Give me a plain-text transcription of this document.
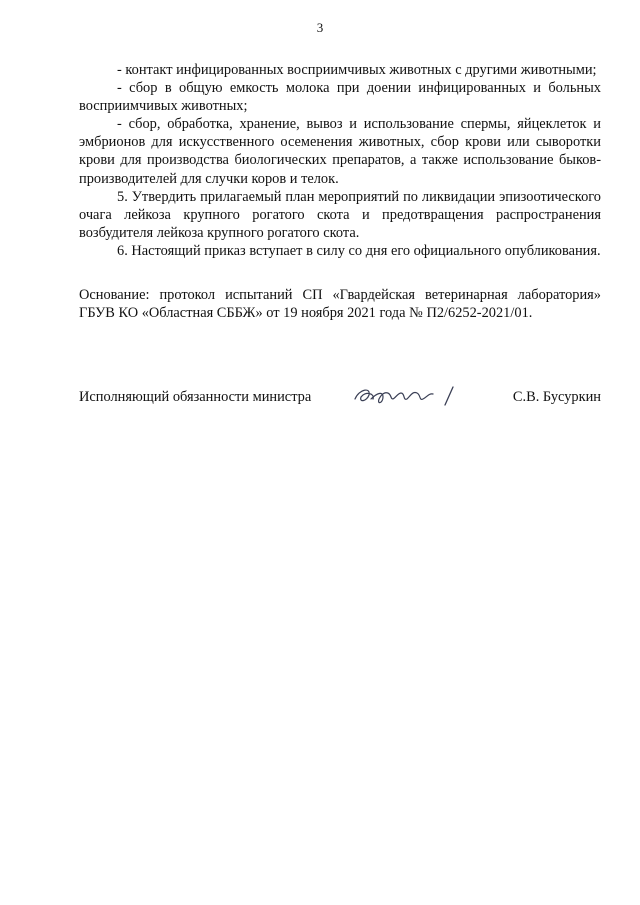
3

- контакт инфицированных восприимчивых животных с другими животными;

- сбор в общую емкость молока при доении инфицированных и больных восприимчивых животных;

- сбор, обработка, хранение, вывоз и использование спермы, яйцеклеток и эмбрионов для искусственного осеменения животных, сбор крови или сыворотки крови для производства биологических препаратов, а также использование быков-производителей для случки коров и телок.

5. Утвердить прилагаемый план мероприятий по ликвидации эпизоотического очага лейкоза крупного рогатого скота и предотвращения распространения возбудителя лейкоза крупного рогатого скота.

6. Настоящий приказ вступает в силу со дня его официального опубликования.

Основание: протокол испытаний СП «Гвардейская ветеринарная лаборатория» ГБУВ КО «Областная СББЖ» от 19 ноября 2021 года № П2/6252-2021/01.

Исполняющий обязанности министра	С.В. Бусуркин
